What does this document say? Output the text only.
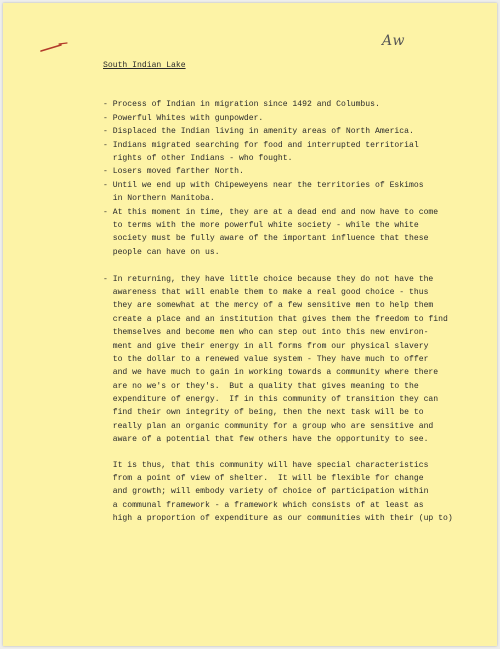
Aw
South Indian Lake
- Process of Indian in migration since 1492 and Columbus.
- Powerful Whites with gunpowder.
- Displaced the Indian living in amenity areas of North America.
- Indians migrated searching for food and interrupted territorial
rights of other Indians - who fought.
- Losers moved farther North.
- Until we end up with Chipeweyens near the territories of Eskimos
in Northern Manitoba.
- At this moment in time, they are at a dead end and now have to come
to terms with the more powerful white society - while the white
society must be fully aware of the important influence that these
people can have on us.
- In returning, they have little choice because they do not have the
awareness that will enable them to make a real good choice - thus
they are somewhat at the mercy of a few sensitive men to help them
create a place and an institution that gives them the freedom to find
themselves and become men who can step out into this new environ-
ment and give their energy in all forms from our physical slavery
to the dollar to a renewed value system - They have much to offer
and we have much to gain in working towards a community where there
are no we's or they's.  But a quality that gives meaning to the
expenditure of energy.  If in this community of transition they can
find their own integrity of being, then the next task will be to
really plan an organic community for a group who are sensitive and
aware of a potential that few others have the opportunity to see.
It is thus, that this community will have special characteristics
from a point of view of shelter.  It will be flexible for change
and growth; will embody variety of choice of participation within
a communal framework - a framework which consists of at least as
high a proportion of expenditure as our communities with their (up to)
